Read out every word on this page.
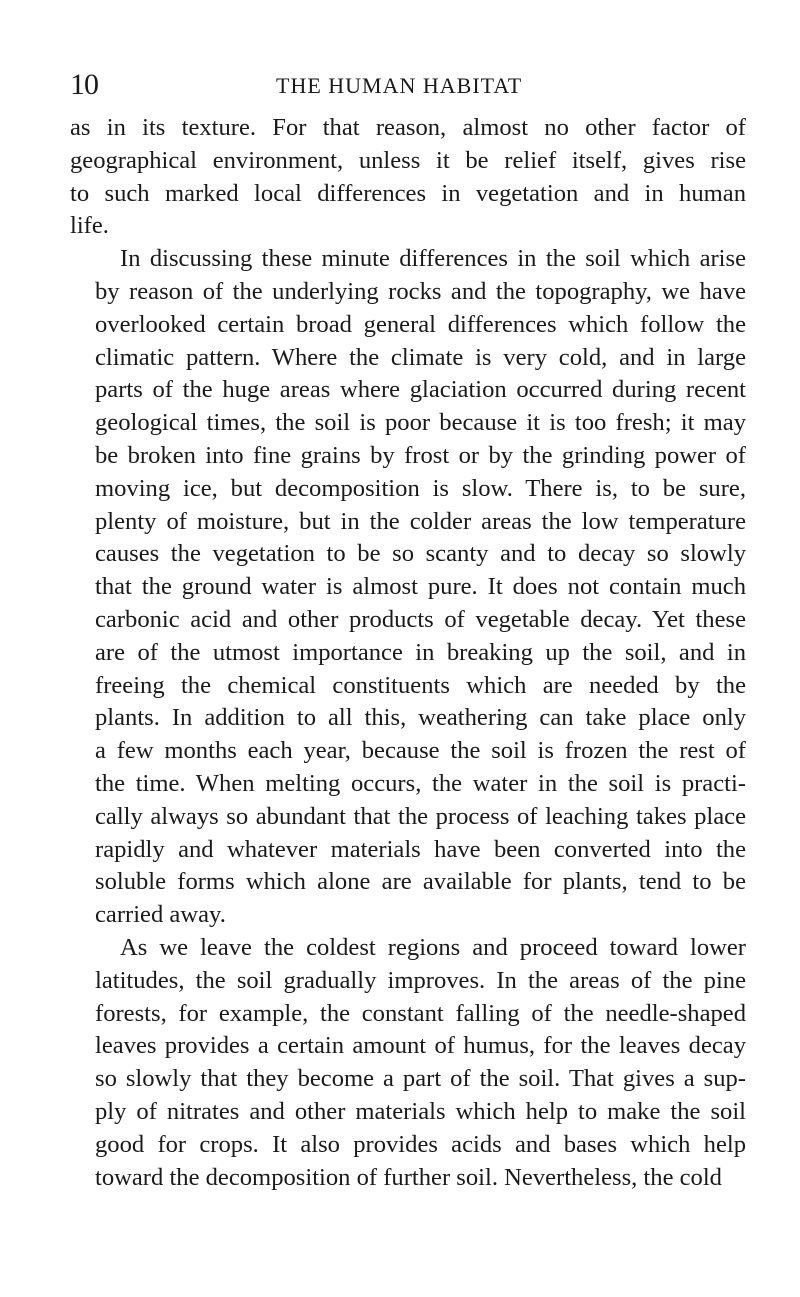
10	THE HUMAN HABITAT
as in its texture. For that reason, almost no other factor of
geographical environment, unless it be relief itself, gives rise
to such marked local differences in vegetation and in human
life.
In discussing these minute differences in the soil which arise
by reason of the underlying rocks and the topography, we have
overlooked certain broad general differences which follow the
climatic pattern. Where the climate is very cold, and in large
parts of the huge areas where glaciation occurred during recent
geological times, the soil is poor because it is too fresh; it may
be broken into fine grains by frost or by the grinding power of
moving ice, but decomposition is slow. There is, to be sure,
plenty of moisture, but in the colder areas the low temperature
causes the vegetation to be so scanty and to decay so slowly
that the ground water is almost pure. It does not contain much
carbonic acid and other products of vegetable decay. Yet these
are of the utmost importance in breaking up the soil, and in
freeing the chemical constituents which are needed by the
plants. In addition to all this, weathering can take place only
a few months each year, because the soil is frozen the rest of
the time. When melting occurs, the water in the soil is practi-
cally always so abundant that the process of leaching takes place
rapidly and whatever materials have been converted into the
soluble forms which alone are available for plants, tend to be
carried away.
As we leave the coldest regions and proceed toward lower
latitudes, the soil gradually improves. In the areas of the pine
forests, for example, the constant falling of the needle-shaped
leaves provides a certain amount of humus, for the leaves decay
so slowly that they become a part of the soil. That gives a sup-
ply of nitrates and other materials which help to make the soil
good for crops. It also provides acids and bases which help
toward the decomposition of further soil. Nevertheless, the cold
